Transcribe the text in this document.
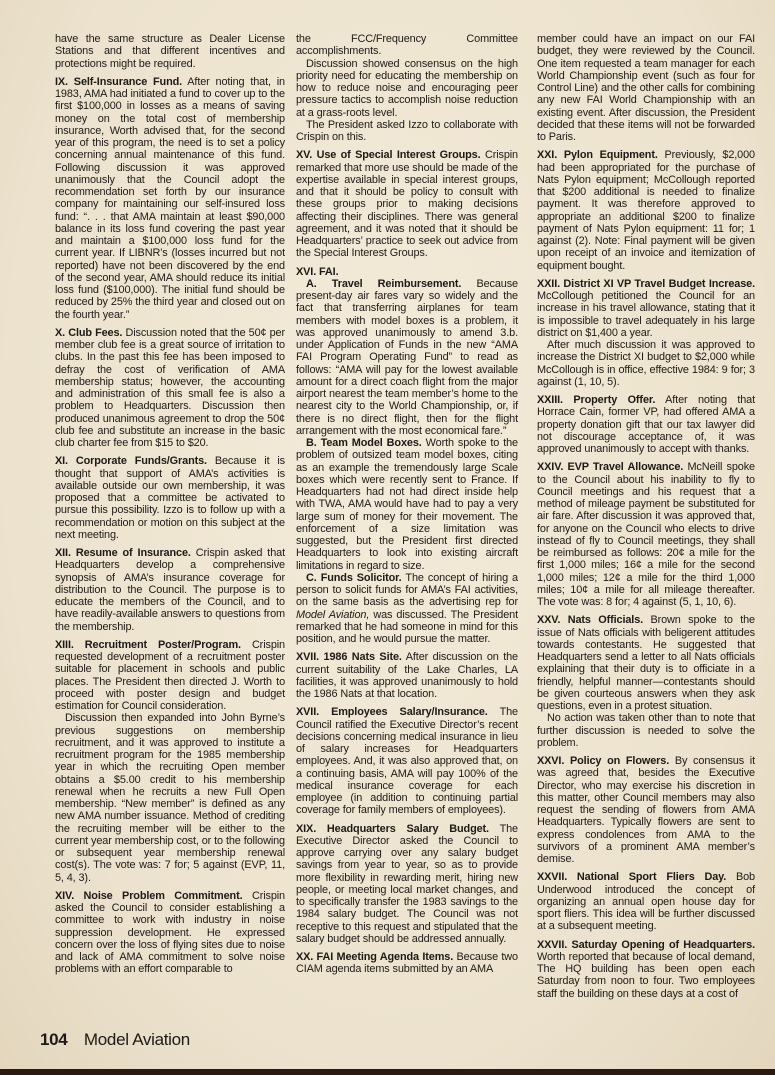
have the same structure as Dealer License Stations and that different incentives and protections might be required.

IX. Self-Insurance Fund. After noting that, in 1983, AMA had initiated a fund to cover up to the first $100,000 in losses as a means of saving money on the total cost of membership insurance, Worth advised that, for the second year of this program, the need is to set a policy concerning annual maintenance of this fund. Following discussion it was approved unanimously that the Council adopt the recommendation set forth by our insurance company for maintaining our self-insured loss fund: “. . . that AMA maintain at least $90,000 balance in its loss fund covering the past year and maintain a $100,000 loss fund for the current year. If LIBNR’s (losses incurred but not reported) have not been discovered by the end of the second year, AMA should reduce its initial loss fund ($100,000). The initial fund should be reduced by 25% the third year and closed out on the fourth year.”

X. Club Fees. Discussion noted that the 50¢ per member club fee is a great source of irritation to clubs. In the past this fee has been imposed to defray the cost of verification of AMA membership status; however, the accounting and administration of this small fee is also a problem to Headquarters. Discussion then produced unanimous agreement to drop the 50¢ club fee and substitute an increase in the basic club charter fee from $15 to $20.

XI. Corporate Funds/Grants. Because it is thought that support of AMA’s activities is available outside our own membership, it was proposed that a committee be activated to pursue this possibility. Izzo is to follow up with a recommendation or motion on this subject at the next meeting.

XII. Resume of Insurance. Crispin asked that Headquarters develop a comprehensive synopsis of AMA’s insurance coverage for distribution to the Council. The purpose is to educate the members of the Council, and to have readily-available answers to questions from the membership.

XIII. Recruitment Poster/Program. Crispin requested development of a recruitment poster suitable for placement in schools and public places. The President then directed J. Worth to proceed with poster design and budget estimation for Council consideration.

Discussion then expanded into John Byrne’s previous suggestions on membership recruitment, and it was approved to institute a recruitment program for the 1985 membership year in which the recruiting Open member obtains a $5.00 credit to his membership renewal when he recruits a new Full Open membership. “New member” is defined as any new AMA number issuance. Method of crediting the recruiting member will be either to the current year membership cost, or to the following or subsequent year membership renewal cost(s). The vote was: 7 for; 5 against (EVP, 11, 5, 4, 3).

XIV. Noise Problem Commitment. Crispin asked the Council to consider establishing a committee to work with industry in noise suppression development. He expressed concern over the loss of flying sites due to noise and lack of AMA commitment to solve noise problems with an effort comparable to

the FCC/Frequency Committee accomplishments.

Discussion showed consensus on the high priority need for educating the membership on how to reduce noise and encouraging peer pressure tactics to accomplish noise reduction at a grass-roots level.

The President asked Izzo to collaborate with Crispin on this.

XV. Use of Special Interest Groups. Crispin remarked that more use should be made of the expertise available in special interest groups, and that it should be policy to consult with these groups prior to making decisions affecting their disciplines. There was general agreement, and it was noted that it should be Headquarters’ practice to seek out advice from the Special Interest Groups.

XVI. FAI.

A. Travel Reimbursement. Because present-day air fares vary so widely and the fact that transferring airplanes for team members with model boxes is a problem, it was approved unanimously to amend 3.b. under Application of Funds in the new “AMA FAI Program Operating Fund” to read as follows: “AMA will pay for the lowest available amount for a direct coach flight from the major airport nearest the team member’s home to the nearest city to the World Championship, or, if there is no direct flight, then for the flight arrangement with the most economical fare.”

B. Team Model Boxes. Worth spoke to the problem of outsized team model boxes, citing as an example the tremendously large Scale boxes which were recently sent to France. If Headquarters had not had direct inside help with TWA, AMA would have had to pay a very large sum of money for their movement. The enforcement of a size limitation was suggested, but the President first directed Headquarters to look into existing aircraft limitations in regard to size.

C. Funds Solicitor. The concept of hiring a person to solicit funds for AMA’s FAI activities, on the same basis as the advertising rep for Model Aviation, was discussed. The President remarked that he had someone in mind for this position, and he would pursue the matter.

XVII. 1986 Nats Site. After discussion on the current suitability of the Lake Charles, LA facilities, it was approved unanimously to hold the 1986 Nats at that location.

XVII. Employees Salary/Insurance. The Council ratified the Executive Director’s recent decisions concerning medical insurance in lieu of salary increases for Headquarters employees. And, it was also approved that, on a continuing basis, AMA will pay 100% of the medical insurance coverage for each employee (in addition to continuing partial coverage for family members of employees).

XIX. Headquarters Salary Budget. The Executive Director asked the Council to approve carrying over any salary budget savings from year to year, so as to provide more flexibility in rewarding merit, hiring new people, or meeting local market changes, and to specifically transfer the 1983 savings to the 1984 salary budget. The Council was not receptive to this request and stipulated that the salary budget should be addressed annually.

XX. FAI Meeting Agenda Items. Because two CIAM agenda items submitted by an AMA

member could have an impact on our FAI budget, they were reviewed by the Council. One item requested a team manager for each World Championship event (such as four for Control Line) and the other calls for combining any new FAI World Championship with an existing event. After discussion, the President decided that these items will not be forwarded to Paris.

XXI. Pylon Equipment. Previously, $2,000 had been appropriated for the purchase of Nats Pylon equipment; McCollough reported that $200 additional is needed to finalize payment. It was therefore approved to appropriate an additional $200 to finalize payment of Nats Pylon equipment: 11 for; 1 against (2). Note: Final payment will be given upon receipt of an invoice and itemization of equipment bought.

XXII. District XI VP Travel Budget Increase. McCollough petitioned the Council for an increase in his travel allowance, stating that it is impossible to travel adequately in his large district on $1,400 a year.

After much discussion it was approved to increase the District XI budget to $2,000 while McCollough is in office, effective 1984: 9 for; 3 against (1, 10, 5).

XXIII. Property Offer. After noting that Horrace Cain, former VP, had offered AMA a property donation gift that our tax lawyer did not discourage acceptance of, it was approved unanimously to accept with thanks.

XXIV. EVP Travel Allowance. McNeill spoke to the Council about his inability to fly to Council meetings and his request that a method of mileage payment be substituted for air fare. After discussion it was approved that, for anyone on the Council who elects to drive instead of fly to Council meetings, they shall be reimbursed as follows: 20¢ a mile for the first 1,000 miles; 16¢ a mile for the second 1,000 miles; 12¢ a mile for the third 1,000 miles; 10¢ a mile for all mileage thereafter. The vote was: 8 for; 4 against (5, 1, 10, 6).

XXV. Nats Officials. Brown spoke to the issue of Nats officials with beligerent attitudes towards contestants. He suggested that Headquarters send a letter to all Nats officials explaining that their duty is to officiate in a friendly, helpful manner—contestants should be given courteous answers when they ask questions, even in a protest situation.

No action was taken other than to note that further discussion is needed to solve the problem.

XXVI. Policy on Flowers. By consensus it was agreed that, besides the Executive Director, who may exercise his discretion in this matter, other Council members may also request the sending of flowers from AMA Headquarters. Typically flowers are sent to express condolences from AMA to the survivors of a prominent AMA member’s demise.

XXVII. National Sport Fliers Day. Bob Underwood introduced the concept of organizing an annual open house day for sport fliers. This idea will be further discussed at a subsequent meeting.

XXVII. Saturday Opening of Headquarters. Worth reported that because of local demand, The HQ building has been open each Saturday from noon to four. Two employees staff the building on these days at a cost of

104 Model Aviation
